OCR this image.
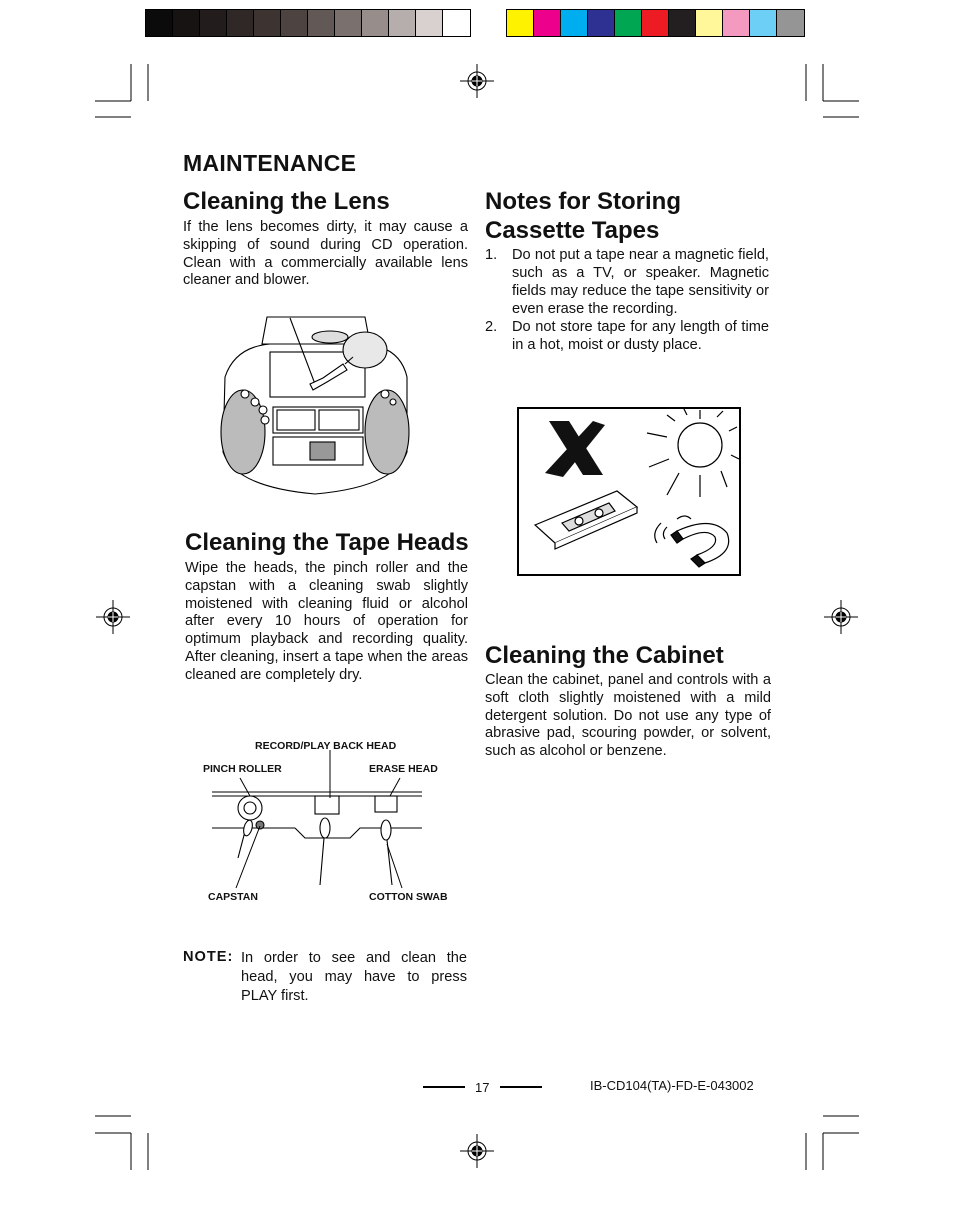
MAINTENANCE
Cleaning the Lens

If the lens becomes dirty, it may cause a skipping of sound during CD operation. Clean with a commercially available lens cleaner and blower.

Cleaning the Tape Heads

Wipe the heads, the pinch roller and the capstan with a cleaning swab slightly moistened with cleaning fluid or alcohol after every 10 hours of operation for optimum playback and recording quality. After cleaning, insert a tape when the areas cleaned are completely dry.

RECORD/PLAY BACK HEAD
PINCH ROLLER	ERASE HEAD
CAPSTAN	COTTON SWAB
NOTE: In order to see and clean the head, you may have to press PLAY first.
Notes for Storing
Cassette Tapes
1. Do not put a tape near a magnetic field, such as a TV, or speaker. Magnetic fields may reduce the tape sensitivity or even erase the recording.
2. Do not store tape for any length of time in a hot, moist or dusty place.
Cleaning the Cabinet

Clean the cabinet, panel and controls with a soft cloth slightly moistened with a mild detergent solution. Do not use any type of abrasive pad, scouring powder, or solvent, such as alcohol or benzene.

17	IB-CD104(TA)-FD-E-043002
